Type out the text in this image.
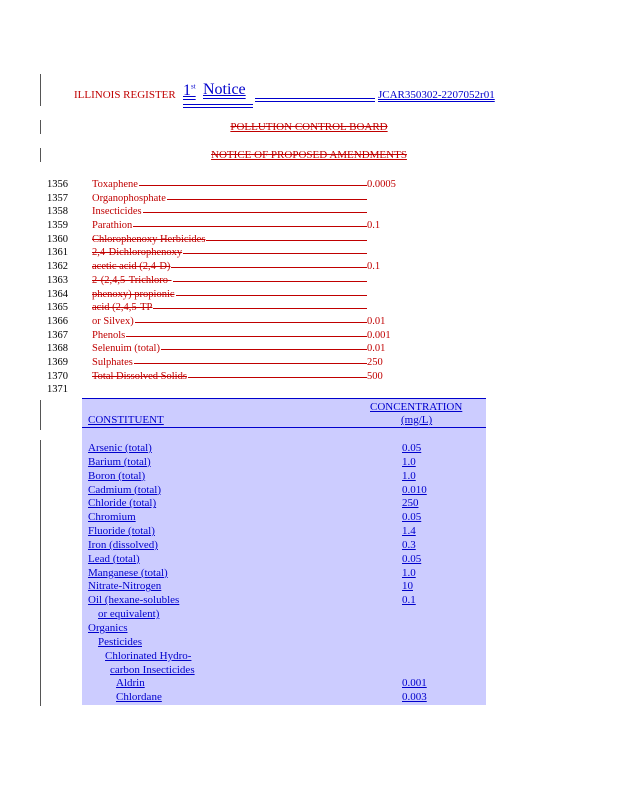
ILLINOIS REGISTER 1st Notice	JCAR350302-2207052r01
POLLUTION CONTROL BOARD
NOTICE OF PROPOSED AMENDMENTS
1356	Toxaphene	0.0005
1357	Organophosphate
1358	Insecticides
1359	Parathion	0.1
1360	Chlorophenoxy Herbicides
1361	2,4-Dichlorophenoxy
1362	acetic acid (2,4-D)	0.1
1363	2-(2,4,5-Trichloro-
1364	phenoxy) propionic
1365	acid (2,4,5-TP
1366	or Silvex)	0.01
1367	Phenols	0.001
1368	Selenuim (total)	0.01
1369	Sulphates	250
1370	Total Dissolved Solids	500
1371
CONCENTRATION
CONSTITUENT	(mg/L)
Arsenic (total)	0.05
Barium (total)	1.0
Boron (total)	1.0
Cadmium (total)	0.010
Chloride (total)	250
Chromium	0.05
Fluoride (total)	1.4
Iron (dissolved)	0.3
Lead (total)	0.05
Manganese (total)	1.0
Nitrate-Nitrogen	10
Oil (hexane-solubles	0.1
or equivalent)
Organics
Pesticides
Chlorinated Hydro-
carbon Insecticides
Aldrin	0.001
Chlordane	0.003
